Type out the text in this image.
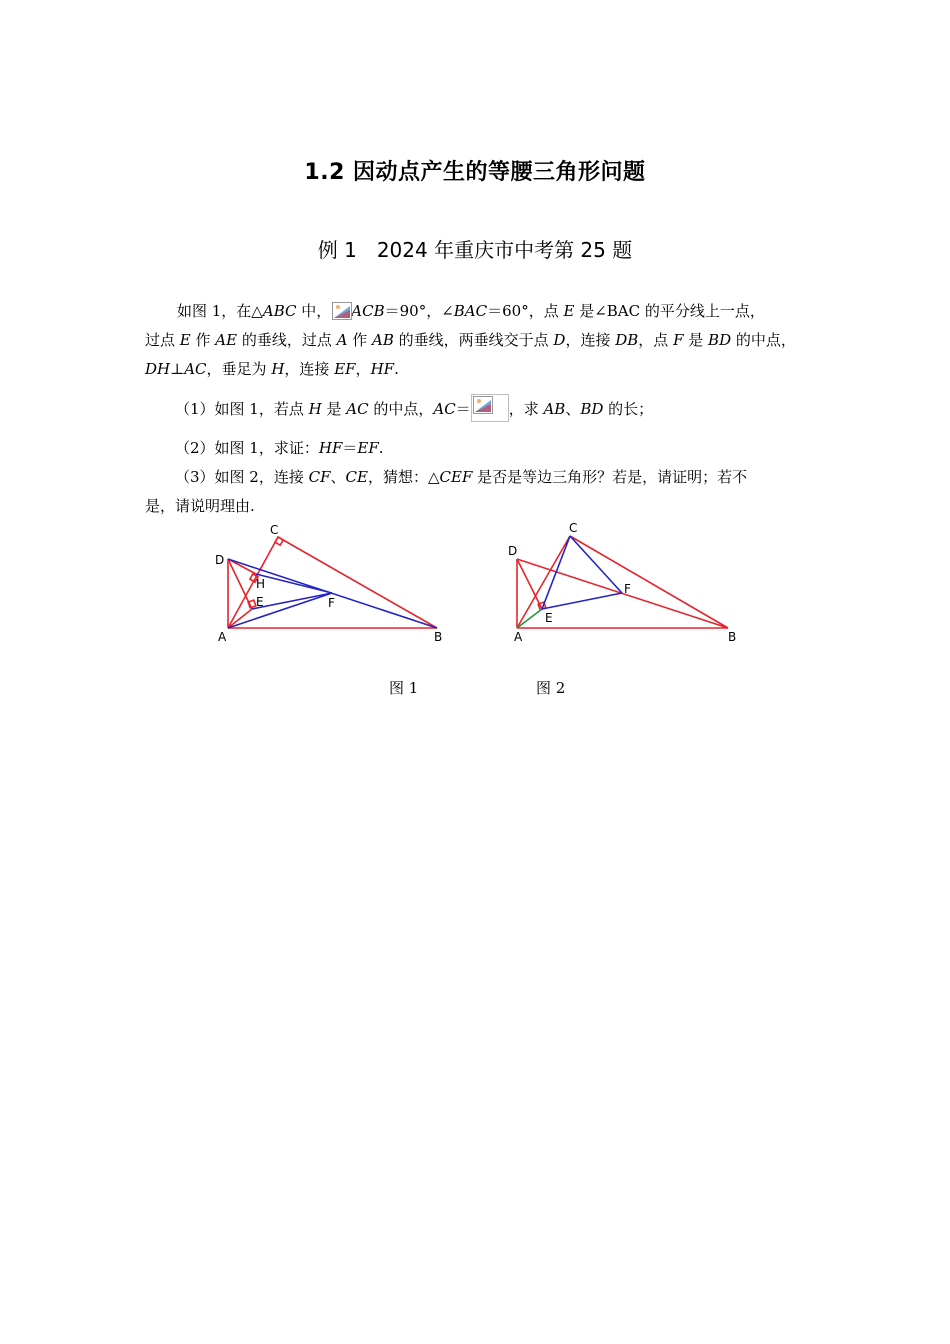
1.2 因动点产生的等腰三角形问题
例 1　2024 年重庆市中考第 25 题
如图 1，在△ABC 中， ACB＝90°，∠BAC＝60°，点 E 是∠BAC 的平分线上一点，
过点 E 作 AE 的垂线，过点 A 作 AB 的垂线，两垂线交于点 D，连接 DB，点 F 是 BD 的中点，
DH⊥AC，垂足为 H，连接 EF，HF.
（1）如图 1，若点 H 是 AC 的中点，AC＝	，求 AB、BD 的长；
（2）如图 1，求证：HF＝EF.
（3）如图 2，连接 CF、CE，猜想：△CEF 是否是等边三角形？若是，请证明；若不
是，请说明理由.
C
D
H
E	F
A	B
C
D
F
E
A	B
图 1	图 2
